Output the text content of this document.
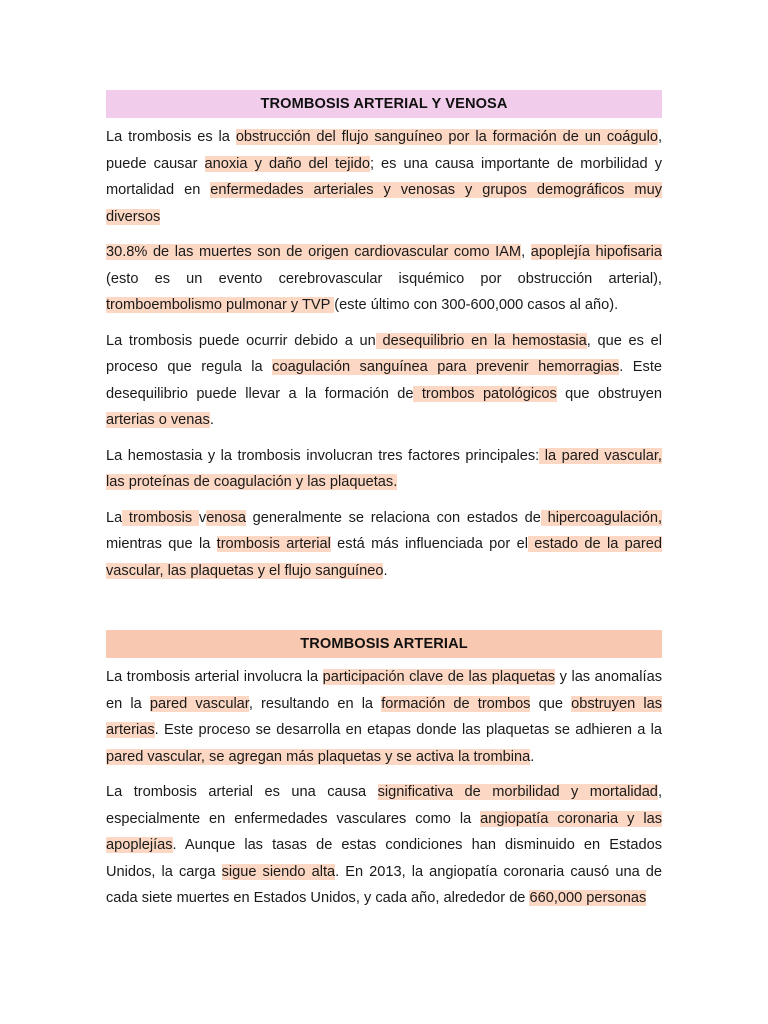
TROMBOSIS ARTERIAL Y VENOSA

La trombosis es la obstrucción del flujo sanguíneo por la formación de un coágulo, puede causar anoxia y daño del tejido; es una causa importante de morbilidad y mortalidad en enfermedades arteriales y venosas y grupos demográficos muy diversos

30.8% de las muertes son de origen cardiovascular como IAM, apoplejía hipofisaria (esto es un evento cerebrovascular isquémico por obstrucción arterial), tromboembolismo pulmonar y TVP (este último con 300-600,000 casos al año).

La trombosis puede ocurrir debido a un desequilibrio en la hemostasia, que es el proceso que regula la coagulación sanguínea para prevenir hemorragias. Este desequilibrio puede llevar a la formación de trombos patológicos que obstruyen arterias o venas.

La hemostasia y la trombosis involucran tres factores principales: la pared vascular, las proteínas de coagulación y las plaquetas.

La trombosis venosa generalmente se relaciona con estados de hipercoagulación, mientras que la trombosis arterial está más influenciada por el estado de la pared vascular, las plaquetas y el flujo sanguíneo.

TROMBOSIS ARTERIAL

La trombosis arterial involucra la participación clave de las plaquetas y las anomalías en la pared vascular, resultando en la formación de trombos que obstruyen las arterias. Este proceso se desarrolla en etapas donde las plaquetas se adhieren a la pared vascular, se agregan más plaquetas y se activa la trombina.

La trombosis arterial es una causa significativa de morbilidad y mortalidad, especialmente en enfermedades vasculares como la angiopatía coronaria y las apoplejías. Aunque las tasas de estas condiciones han disminuido en Estados Unidos, la carga sigue siendo alta. En 2013, la angiopatía coronaria causó una de cada siete muertes en Estados Unidos, y cada año, alrededor de 660,000 personas
